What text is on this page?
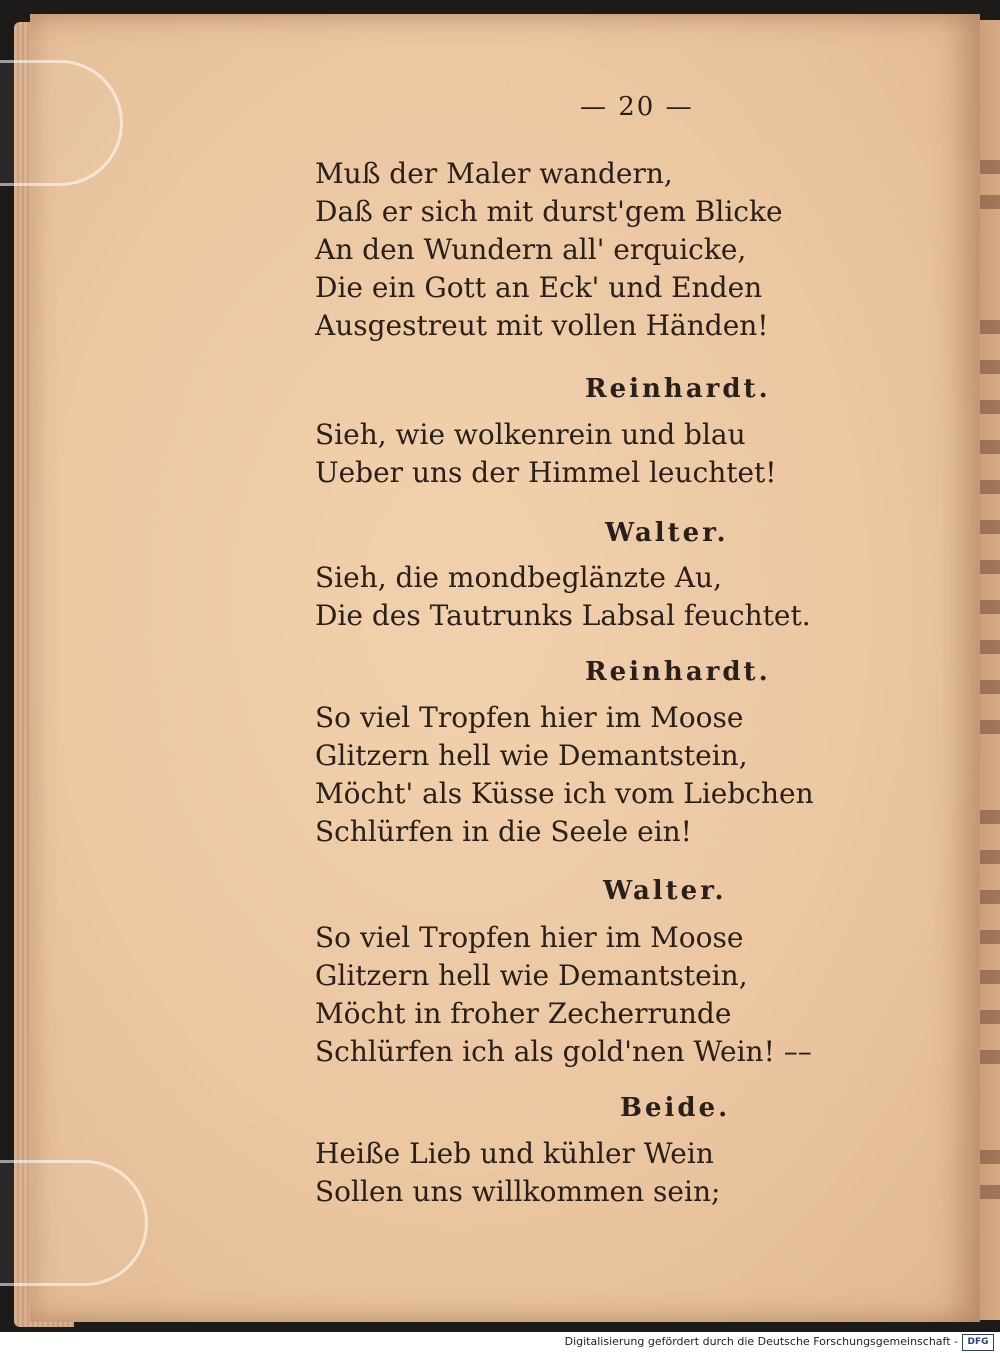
— 20 —
Muß der Maler wandern,
Daß er sich mit durst'gem Blicke
An den Wundern all' erquicke,
Die ein Gott an Eck' und Enden
Ausgestreut mit vollen Händen!
Reinhardt.
Sieh, wie wolkenrein und blau
Ueber uns der Himmel leuchtet!
Walter.
Sieh, die mondbeglänzte Au,
Die des Tautrunks Labsal feuchtet.
Reinhardt.
So viel Tropfen hier im Moose
Glitzern hell wie Demantstein,
Möcht' als Küsse ich vom Liebchen
Schlürfen in die Seele ein!
Walter.
So viel Tropfen hier im Moose
Glitzern hell wie Demantstein,
Möcht in froher Zecherrunde
Schlürfen ich als gold'nen Wein! ––
Beide.
Heiße Lieb und kühler Wein
Sollen uns willkommen sein;
Digitalisierung gefördert durch die Deutsche Forschungsgemeinschaft -	DFG
